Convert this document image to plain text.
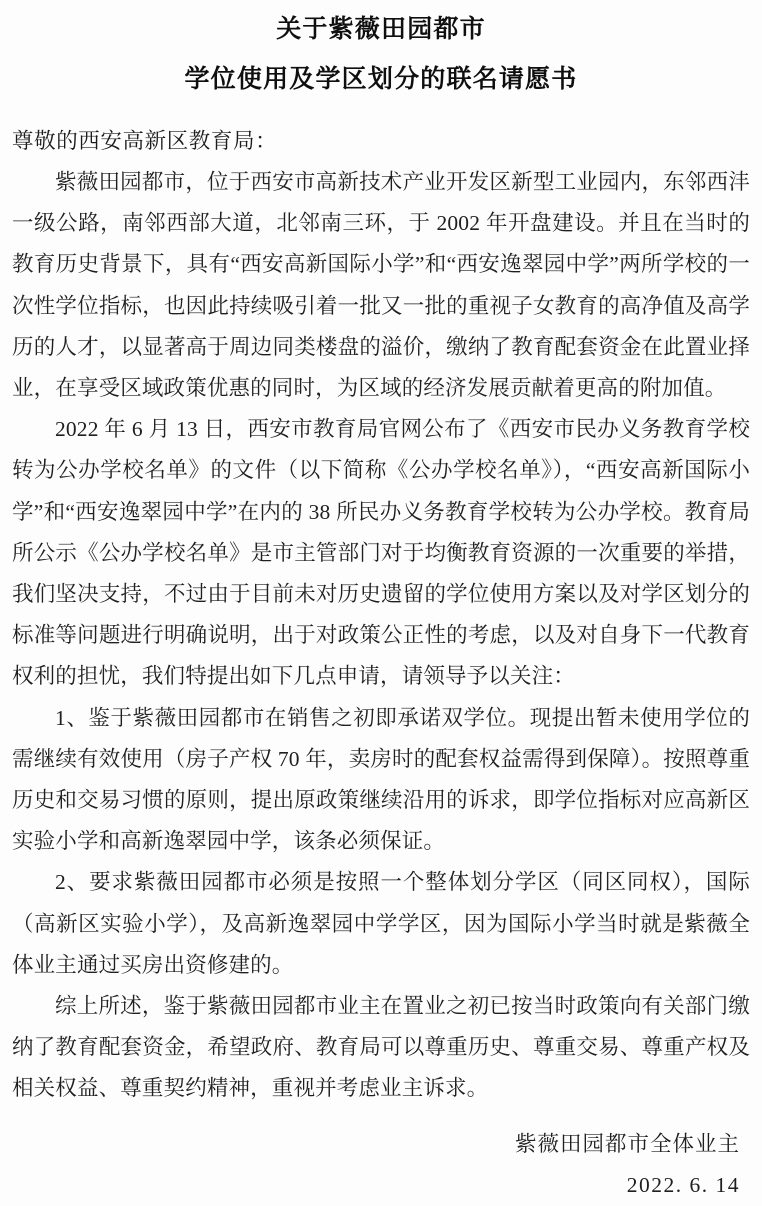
关于紫薇田园都市
学位使用及学区划分的联名请愿书
尊敬的西安高新区教育局：

紫薇田园都市，位于西安市高新技术产业开发区新型工业园内，东邻西沣一级公路，南邻西部大道，北邻南三环，于 2002 年开盘建设。并且在当时的教育历史背景下，具有“西安高新国际小学”和“西安逸翠园中学”两所学校的一次性学位指标，也因此持续吸引着一批又一批的重视子女教育的高净值及高学历的人才，以显著高于周边同类楼盘的溢价，缴纳了教育配套资金在此置业择业，在享受区域政策优惠的同时，为区域的经济发展贡献着更高的附加值。

2022 年 6 月 13 日，西安市教育局官网公布了《西安市民办义务教育学校转为公办学校名单》的文件（以下简称《公办学校名单》），“西安高新国际小学”和“西安逸翠园中学”在内的 38 所民办义务教育学校转为公办学校。教育局所公示《公办学校名单》是市主管部门对于均衡教育资源的一次重要的举措，我们坚决支持，不过由于目前未对历史遗留的学位使用方案以及对学区划分的标准等问题进行明确说明，出于对政策公正性的考虑，以及对自身下一代教育权利的担忧，我们特提出如下几点申请，请领导予以关注：

1、鉴于紫薇田园都市在销售之初即承诺双学位。现提出暂未使用学位的需继续有效使用（房子产权 70 年，卖房时的配套权益需得到保障）。按照尊重历史和交易习惯的原则，提出原政策继续沿用的诉求，即学位指标对应高新区实验小学和高新逸翠园中学，该条必须保证。

2、要求紫薇田园都市必须是按照一个整体划分学区（同区同权），国际（高新区实验小学），及高新逸翠园中学学区，因为国际小学当时就是紫薇全体业主通过买房出资修建的。

综上所述，鉴于紫薇田园都市业主在置业之初已按当时政策向有关部门缴纳了教育配套资金，希望政府、教育局可以尊重历史、尊重交易、尊重产权及相关权益、尊重契约精神，重视并考虑业主诉求。

紫薇田园都市全体业主
2022. 6. 14
